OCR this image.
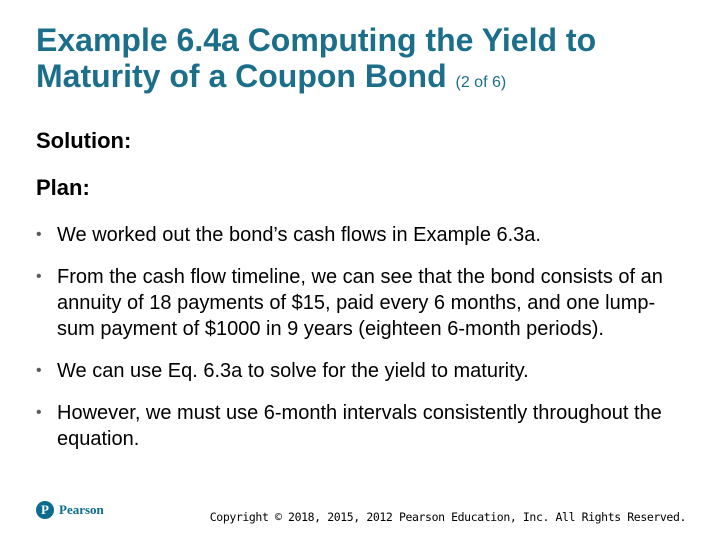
Example 6.4a Computing the Yield to Maturity of a Coupon Bond (2 of 6)
Solution:
Plan:
• We worked out the bond’s cash flows in Example 6.3a.
• From the cash flow timeline, we can see that the bond consists of an annuity of 18 payments of $15, paid every 6 months, and one lump-sum payment of $1000 in 9 years (eighteen 6-month periods).
• We can use Eq. 6.3a to solve for the yield to maturity.
• However, we must use 6-month intervals consistently throughout the equation.
P Pearson	Copyright © 2018, 2015, 2012 Pearson Education, Inc. All Rights Reserved.
